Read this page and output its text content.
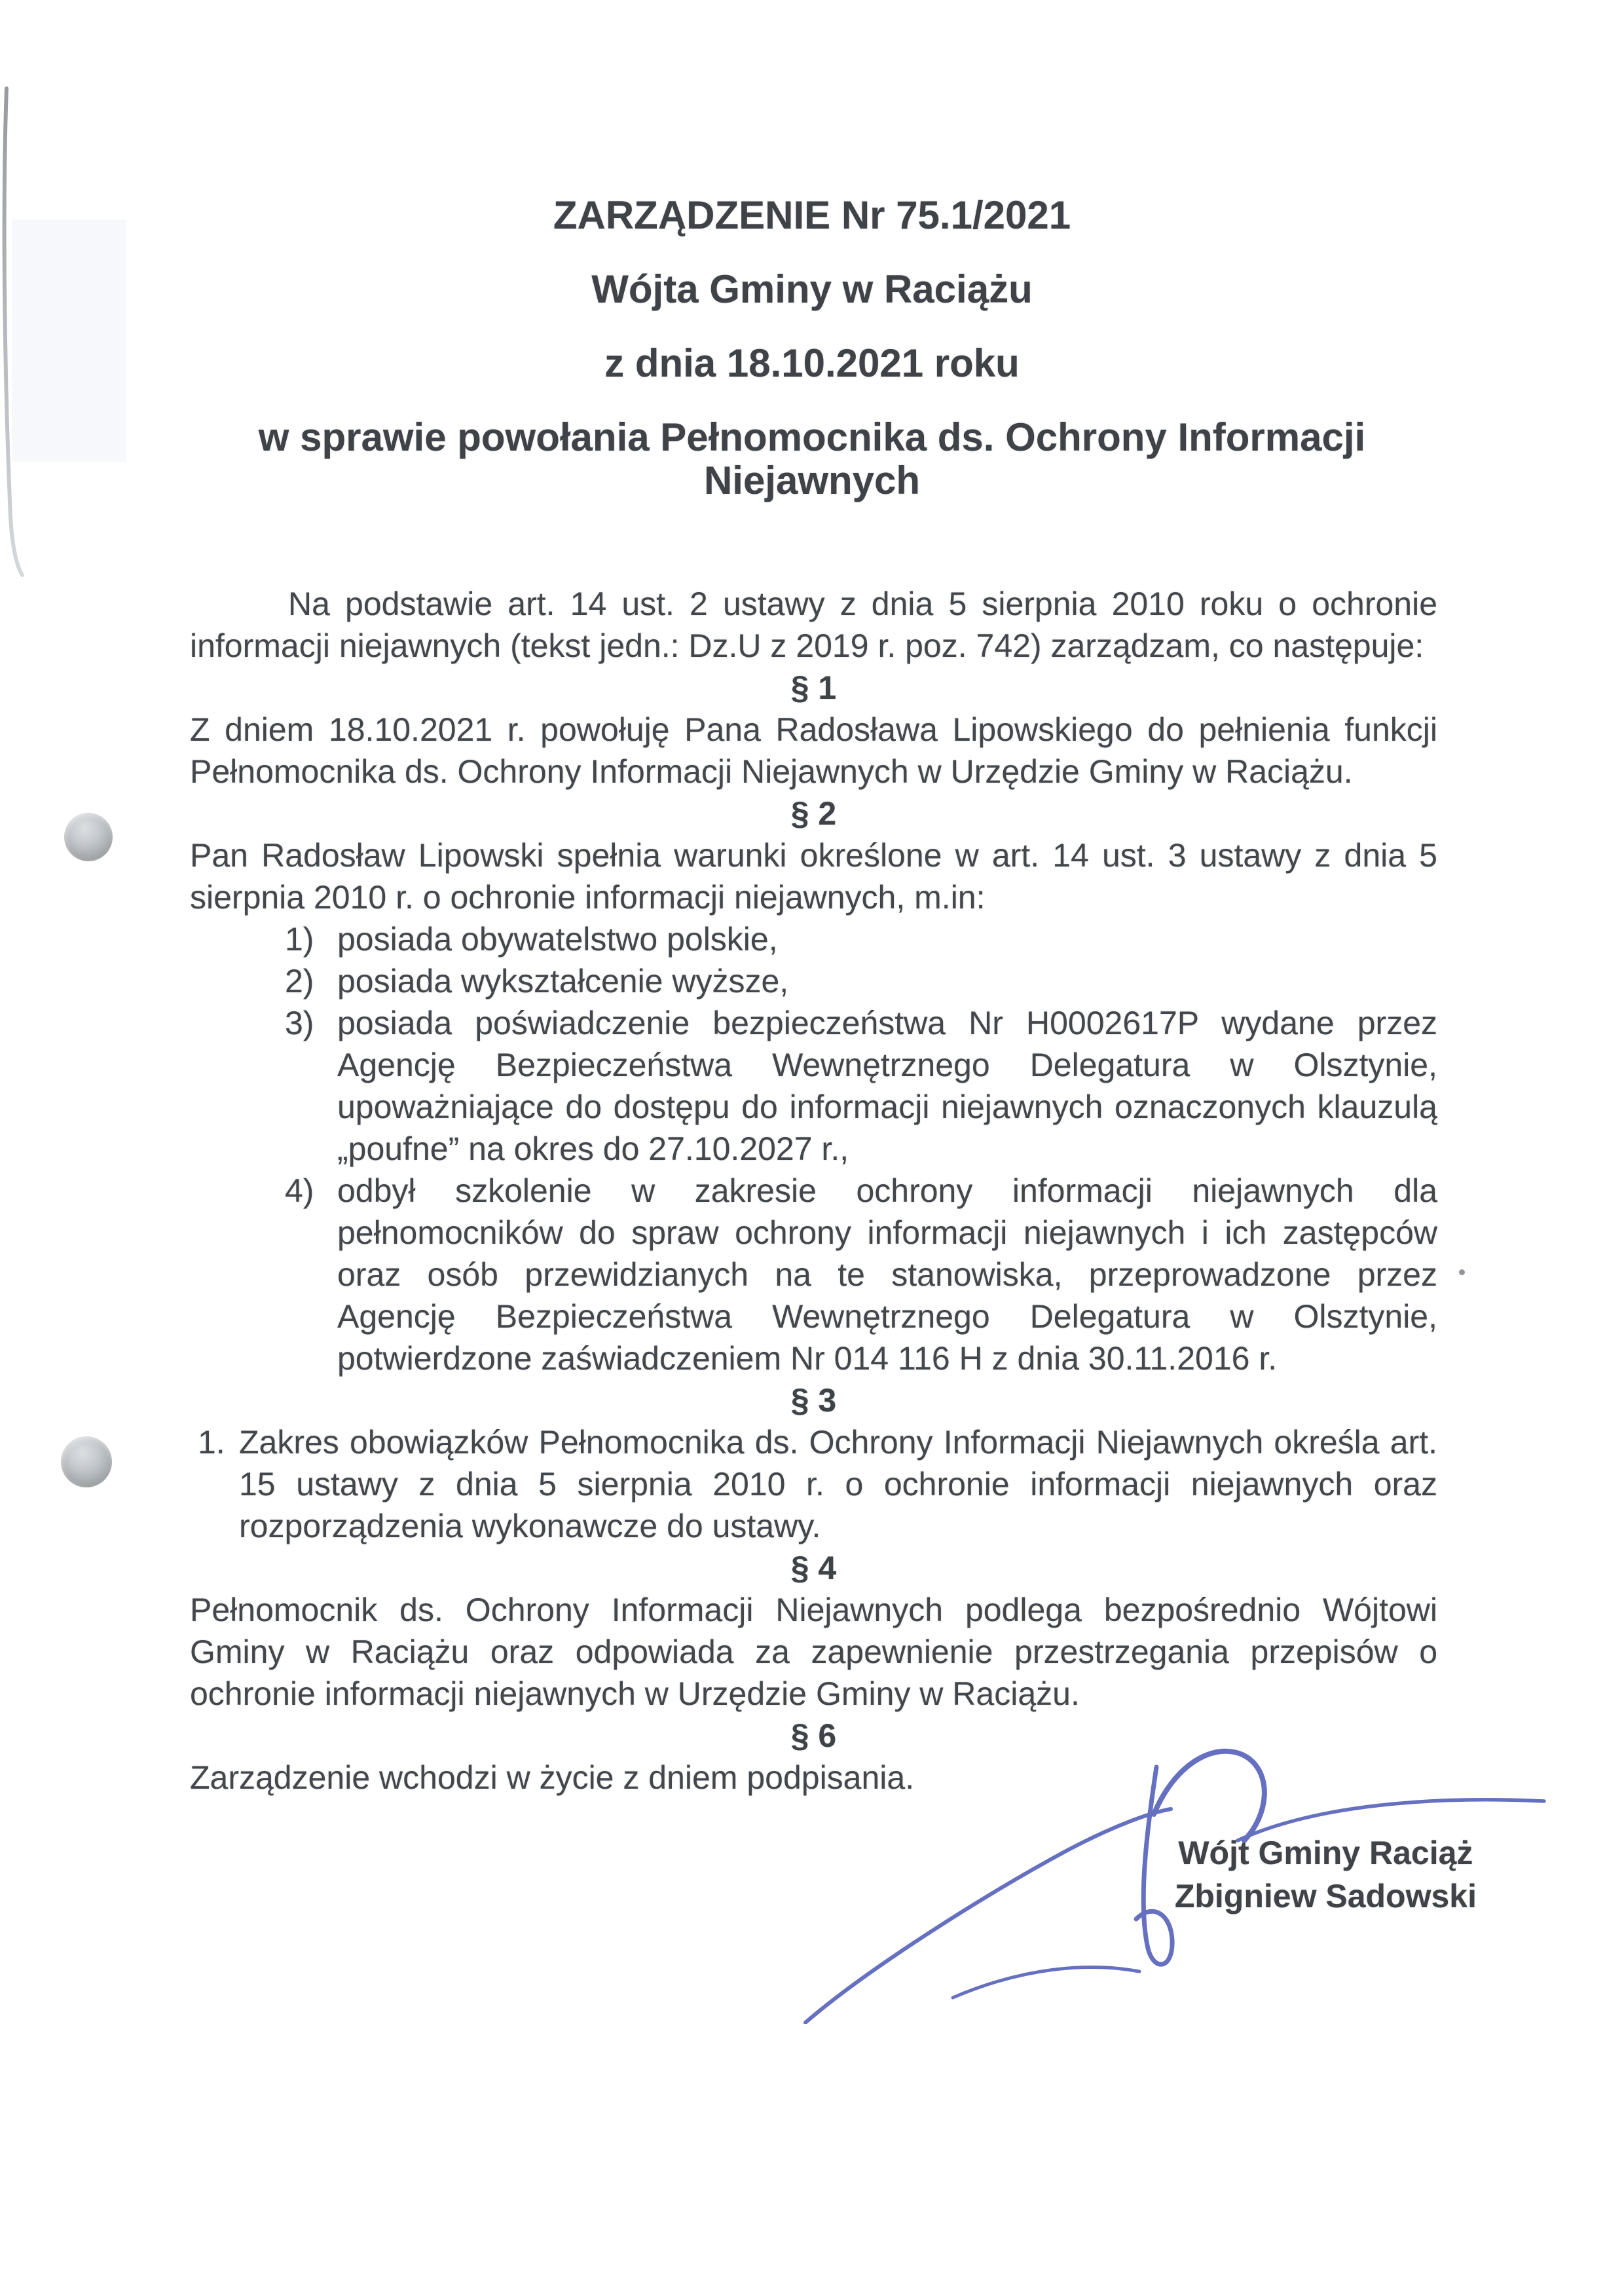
ZARZĄDZENIE Nr 75.1/2021
Wójta Gminy w Raciążu
z dnia 18.10.2021 roku
w sprawie powołania Pełnomocnika ds. Ochrony Informacji Niejawnych

Na podstawie art. 14 ust. 2 ustawy z dnia 5 sierpnia 2010 roku o ochronie informacji niejawnych (tekst jedn.: Dz.U z 2019 r. poz. 742) zarządzam, co następuje:

§ 1

Z dniem 18.10.2021 r. powołuję Pana Radosława Lipowskiego do pełnienia funkcji Pełnomocnika ds. Ochrony Informacji Niejawnych w Urzędzie Gminy w Raciążu.

§ 2

Pan Radosław Lipowski spełnia warunki określone w art. 14 ust. 3 ustawy z dnia 5 sierpnia 2010 r. o ochronie informacji niejawnych, m.in:

1) posiada obywatelstwo polskie,
2) posiada wykształcenie wyższe,
3) posiada poświadczenie bezpieczeństwa Nr H0002617P wydane przez Agencję Bezpieczeństwa Wewnętrznego Delegatura w Olsztynie, upoważniające do dostępu do informacji niejawnych oznaczonych klauzulą „poufne” na okres do 27.10.2027 r.,
4) odbył szkolenie w zakresie ochrony informacji niejawnych dla pełnomocników do spraw ochrony informacji niejawnych i ich zastępców oraz osób przewidzianych na te stanowiska, przeprowadzone przez Agencję Bezpieczeństwa Wewnętrznego Delegatura w Olsztynie, potwierdzone zaświadczeniem Nr 014 116 H z dnia 30.11.2016 r.
§ 3
1. Zakres obowiązków Pełnomocnika ds. Ochrony Informacji Niejawnych określa art. 15 ustawy z dnia 5 sierpnia 2010 r. o ochronie informacji niejawnych oraz rozporządzenia wykonawcze do ustawy.

§ 4

Pełnomocnik ds. Ochrony Informacji Niejawnych podlega bezpośrednio Wójtowi Gminy w Raciążu oraz odpowiada za zapewnienie przestrzegania przepisów o ochronie informacji niejawnych w Urzędzie Gminy w Raciążu.

§ 6

Zarządzenie wchodzi w życie z dniem podpisania.

Wójt Gminy Raciąż
Zbigniew Sadowski
